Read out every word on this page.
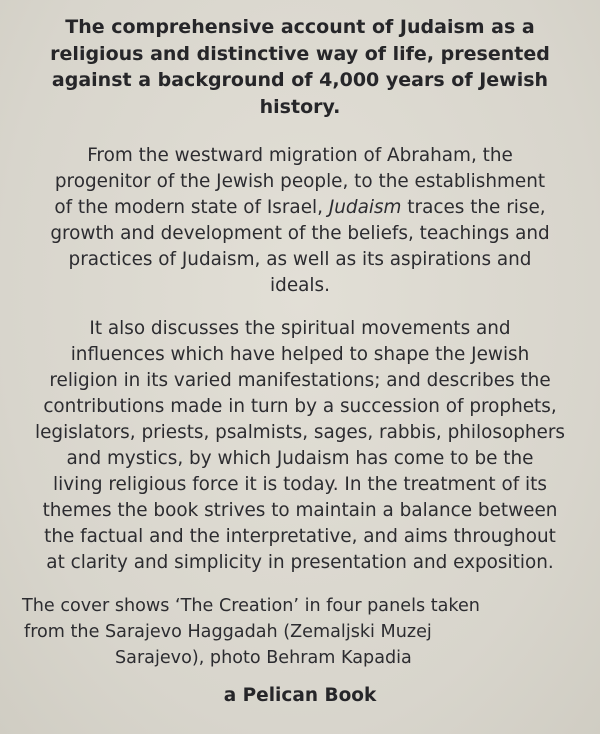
The comprehensive account of Judaism as a
religious and distinctive way of life, presented
against a background of 4,000 years of Jewish
history.

From the westward migration of Abraham, the
progenitor of the Jewish people, to the establishment
of the modern state of Israel, Judaism traces the rise,
growth and development of the beliefs, teachings and
practices of Judaism, as well as its aspirations and
ideals.

It also discusses the spiritual movements and
influences which have helped to shape the Jewish
religion in its varied manifestations; and describes the
contributions made in turn by a succession of prophets,
legislators, priests, psalmists, sages, rabbis, philosophers
and mystics, by which Judaism has come to be the
living religious force it is today. In the treatment of its
themes the book strives to maintain a balance between
the factual and the interpretative, and aims throughout
at clarity and simplicity in presentation and exposition.

The cover shows ‘The Creation’ in four panels taken
from the Sarajevo Haggadah (Zemaljski Muzej
Sarajevo), photo Behram Kapadia

a Pelican Book
